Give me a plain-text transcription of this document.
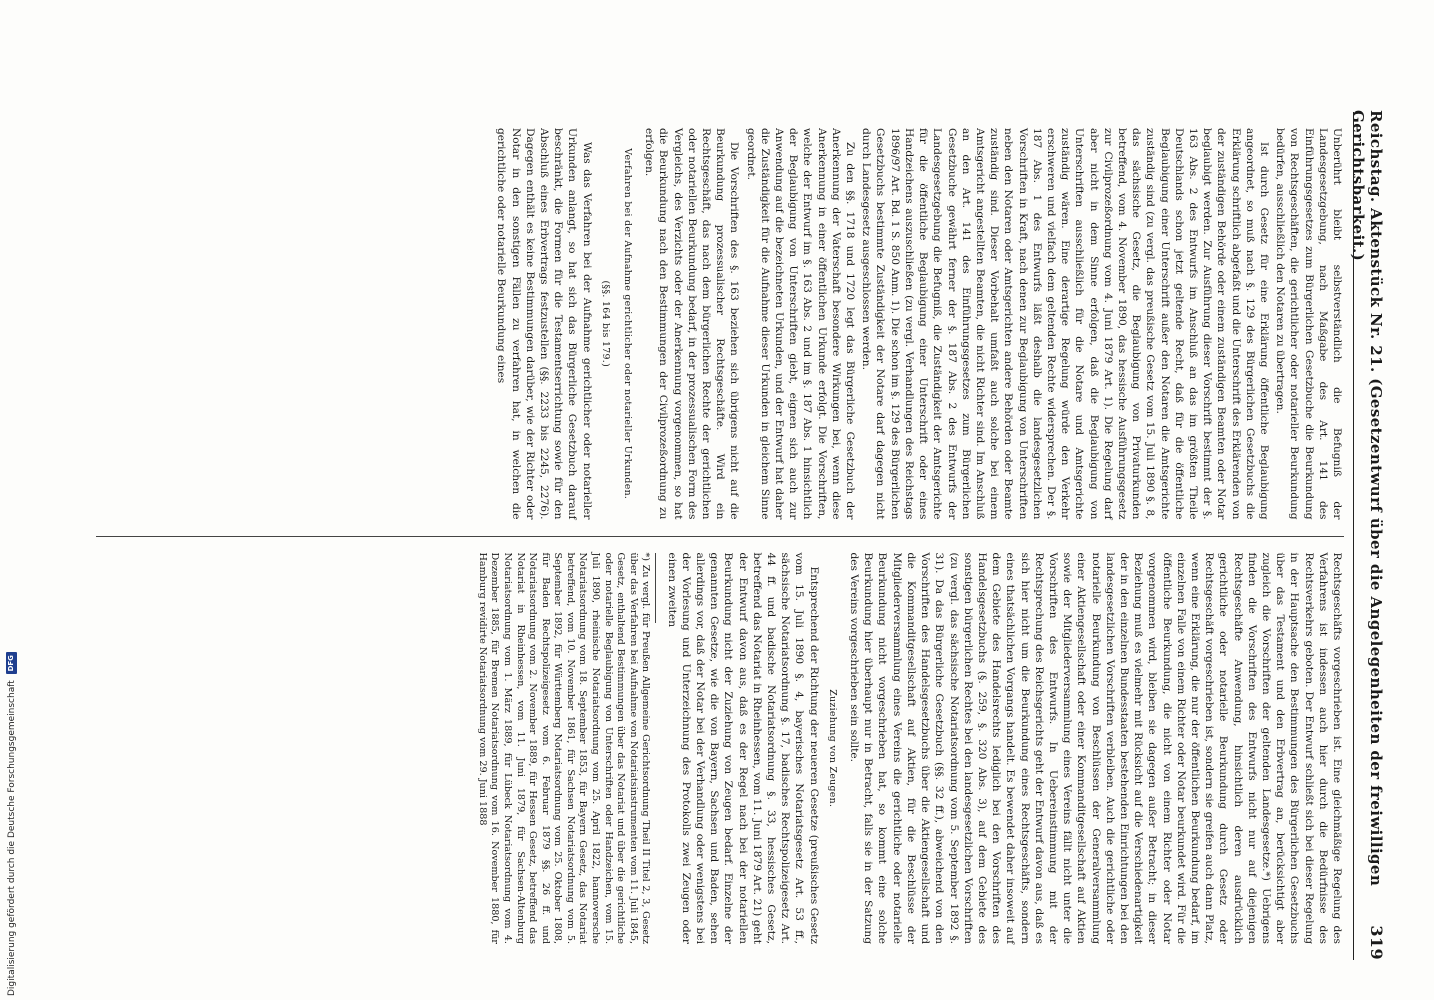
Reichstag. Aktenstück Nr. 21. (Gesetzentwurf über die Angelegenheiten der freiwilligen Gerichtsbarkeit.)
319

Unberührt bleibt selbstverständlich die Befugniß der Landesgesetzgebung, nach Maßgabe des Art. 141 des Einführungsgesetzes zum Bürgerlichen Gesetzbuche die Beurkundung von Rechtsgeschäften, die gerichtlicher oder notarieller Beurkundung bedürfen, ausschließlich den Notaren zu übertragen.

Ist durch Gesetz für eine Erklärung öffentliche Beglaubigung angeordnet, so muß nach §. 129 des Bürgerlichen Gesetzbuchs die Erklärung schriftlich abgefaßt und die Unterschrift des Erklärenden von der zuständigen Behörde oder einem zuständigen Beamten oder Notar beglaubigt werden. Zur Ausführung dieser Vorschrift bestimmt der §. 163 Abs. 2 des Entwurfs im Anschluß an das im größten Theile Deutschlands schon jetzt geltende Recht, daß für die öffentliche Beglaubigung einer Unterschrift außer den Notaren die Amtsgerichte zuständig sind (zu vergl. das preußische Gesetz vom 15. Juli 1890 §. 8, das sächsische Gesetz, die Beglaubigung von Privaturkunden betreffend, vom 4. November 1890, das hessische Ausführungsgesetz zur Civilprozeßordnung vom 4. Juni 1879 Art. 1). Die Regelung darf aber nicht in dem Sinne erfolgen, daß die Beglaubigung von Unterschriften ausschließlich für die Notare und Amtsgerichte zuständig wären. Eine derartige Regelung würde den Verkehr erschweren und vielfach dem geltenden Rechte widersprechen. Der §. 187 Abs. 1 des Entwurfs läßt deshalb die landesgesetzlichen Vorschriften in Kraft, nach denen zur Beglaubigung von Unterschriften neben den Notaren oder Amtsgerichten andere Behörden oder Beamte zuständig sind. Dieser Vorbehalt umfaßt auch solche bei einem Amtsgericht angestellten Beamten, die nicht Richter sind. Im Anschluß an den Art. 141 des Einführungsgesetzes zum Bürgerlichen Gesetzbuche gewährt ferner der §. 187 Abs. 2 des Entwurfs der Landesgesetzgebung die Befugniß, die Zuständigkeit der Amtsgerichte für die öffentliche Beglaubigung einer Unterschrift oder eines Handzeichens auszuschließen (zu vergl. Verhandlungen des Reichstags 1896/97 Art. Bd. 1 S. 850 Anm. 1). Die schon im §. 129 des Bürgerlichen Gesetzbuchs bestimmte Zuständigkeit der Notare darf dagegen nicht durch Landesgesetz ausgeschlossen werden.

Zu den §§. 1718 und 1720 legt das Bürgerliche Gesetzbuch der Anerkennung der Vaterschaft besondere Wirkungen bei, wenn diese Anerkennung in einer öffentlichen Urkunde erfolgt. Die Vorschriften, welche der Entwurf im §. 163 Abs. 2 und im §. 187 Abs. 1 hinsichtlich der Beglaubigung von Unterschriften giebt, eignen sich auch zur Anwendung auf die bezeichneten Urkunden, und der Entwurf hat daher die Zuständigkeit für die Aufnahme dieser Urkunden in gleichem Sinne geordnet.

Die Vorschriften des §. 163 beziehen sich übrigens nicht auf die Beurkundung prozessualischer Rechtsgeschäfte. Wird ein Rechtsgeschäft, das nach dem bürgerlichen Rechte der gerichtlichen oder notariellen Beurkundung bedarf, in der prozessualischen Form des Vergleichs, des Verzichts oder der Anerkennung vorgenommen, so hat die Beurkundung nach den Bestimmungen der Civilprozeßordnung zu erfolgen.

Verfahren bei der Aufnahme gerichtlicher oder notarieller Urkunden.

(§§. 164 bis 179.)

Was das Verfahren bei der Aufnahme gerichtlicher oder notarieller Urkunden anlangt, so hat sich das Bürgerliche Gesetzbuch darauf beschränkt, die Formen für die Testamentserrichtung sowie für den Abschluß eines Erbvertrags festzustellen (§§. 2233 bis 2245, 2276). Dagegen enthält es keine Bestimmungen darüber, wie der Richter oder Notar in den sonstigen Fällen zu verfahren hat, in welchen die gerichtliche oder notarielle Beurkundung eines

Rechtsgeschäfts vorgeschrieben ist. Eine gleichmäßige Regelung des Verfahrens ist indessen auch hier durch die Bedürfnisse des Rechtsverkehrs geboten. Der Entwurf schließt sich bei dieser Regelung in der Hauptsache den Bestimmungen des Bürgerlichen Gesetzbuchs über das Testament und den Erbvertrag an, berücksichtigt aber zugleich die Vorschriften der geltenden Landesgesetze.*) Uebrigens finden die Vorschriften des Entwurfs nicht nur auf diejenigen Rechtsgeschäfte Anwendung, hinsichtlich deren ausdrücklich gerichtliche oder notarielle Beurkundung durch Gesetz oder Rechtsgeschäft vorgeschrieben ist, sondern sie greifen auch dann Platz, wenn eine Erklärung, die nur der öffentlichen Beurkundung bedarf, im einzelnen Falle von einem Richter oder Notar beurkundet wird. Für die öffentliche Beurkundung, die nicht von einem Richter oder Notar vorgenommen wird, bleiben sie dagegen außer Betracht; in dieser Beziehung muß es vielmehr mit Rücksicht auf die Verschiedenartigkeit der in den einzelnen Bundesstaaten bestehenden Einrichtungen bei den landesgesetzlichen Vorschriften verbleiben. Auch die gerichtliche oder notarielle Beurkundung von Beschlüssen der Generalversammlung einer Aktiengesellschaft oder einer Kommanditgesellschaft auf Aktien sowie der Mitgliederversammlung eines Vereins fällt nicht unter die Vorschriften des Entwurfs. In Uebereinstimmung mit der Rechtsprechung des Reichsgerichts geht der Entwurf davon aus, daß es sich hier nicht um die Beurkundung eines Rechtsgeschäfts, sondern eines thatsächlichen Vorgangs handelt. Es bewendet daher insoweit auf dem Gebiete des Handelsrechts lediglich bei den Vorschriften des Handelsgesetzbuchs (§. 259, §. 320 Abs. 3), auf dem Gebiete des sonstigen bürgerlichen Rechtes bei den landesgesetzlichen Vorschriften (zu vergl. das sächsische Notariatsordnung vom 5. September 1892 §. 31). Da das Bürgerliche Gesetzbuch (§§. 32 ff.), abweichend von den Vorschriften des Handelsgesetzbuchs über die Aktiengesellschaft und die Kommanditgesellschaft auf Aktien, für die Beschlüsse der Mitgliederversammlung eines Vereins die gerichtliche oder notarielle Beurkundung nicht vorgeschrieben hat, so kommt eine solche Beurkundung hier überhaupt nur in Betracht, falls sie in der Satzung des Vereins vorgeschrieben sein sollte.

Zuziehung von Zeugen.

Entsprechend der Richtung der neueren Gesetze (preußisches Gesetz vom 15. Juli 1890 §. 4, bayerisches Notariatsgesetz Art. 53 ff., sächsische Notariatsordnung §. 17, badisches Rechtspolizeigesetz Art. 44 ff. und badische Notariatsordnung §. 33, hessisches Gesetz, betreffend das Notariat in Rheinhessen, vom 11. Juni 1879 Art. 21) geht der Entwurf davon aus, daß es der Regel nach bei der notariellen Beurkundung nicht der Zuziehung von Zeugen bedarf. Einzelne der genannten Gesetze, wie die von Bayern, Sachsen und Baden, sehen allerdings vor, daß der Notar bei der Verhandlung oder wenigstens bei der Vorlesung und Unterzeichnung des Protokolls zwei Zeugen oder einen zweiten

*) Zu vergl. für Preußen Allgemeine Gerichtsordnung Theil II Titel 2, 3, Gesetz über das Verfahren bei Aufnahme von Notariatsinstrumenten vom 11. Juli 1845, Gesetz, enthaltend Bestimmungen über das Notariat und über die gerichtliche oder notarielle Beglaubigung von Unterschriften oder Handzeichen, vom 15. Juli 1890, rheinische Notariatsordnung vom 25. April 1822, hannoversche Notariatsordnung vom 18. September 1853, für Bayern Gesetz, das Notariat betreffend, vom 10. November 1861, für Sachsen Notariatsordnung vom 5. September 1892, für Württemberg Notariatsordnung vom 25. Oktober 1808, für Baden Rechtspolizeigesetz vom 6. Februar 1879 §§. 26 ff. und Notariatsordnung vom 2. November 1889, für Hessen Gesetz, betreffend das Notariat in Rheinhessen, vom 11. Juni 1879, für Sachsen-Altenburg Notariatsordnung vom 1. März 1889, für Lübeck Notariatsordnung vom 4. Dezember 1885, für Bremen Notariatsordnung vom 16. November 1880, für Hamburg revidirte Notariatsordnung vom 29. Juni 1888

Digitalisierung gefördert durch die Deutsche Forschungsgemeinschaft
DFG
